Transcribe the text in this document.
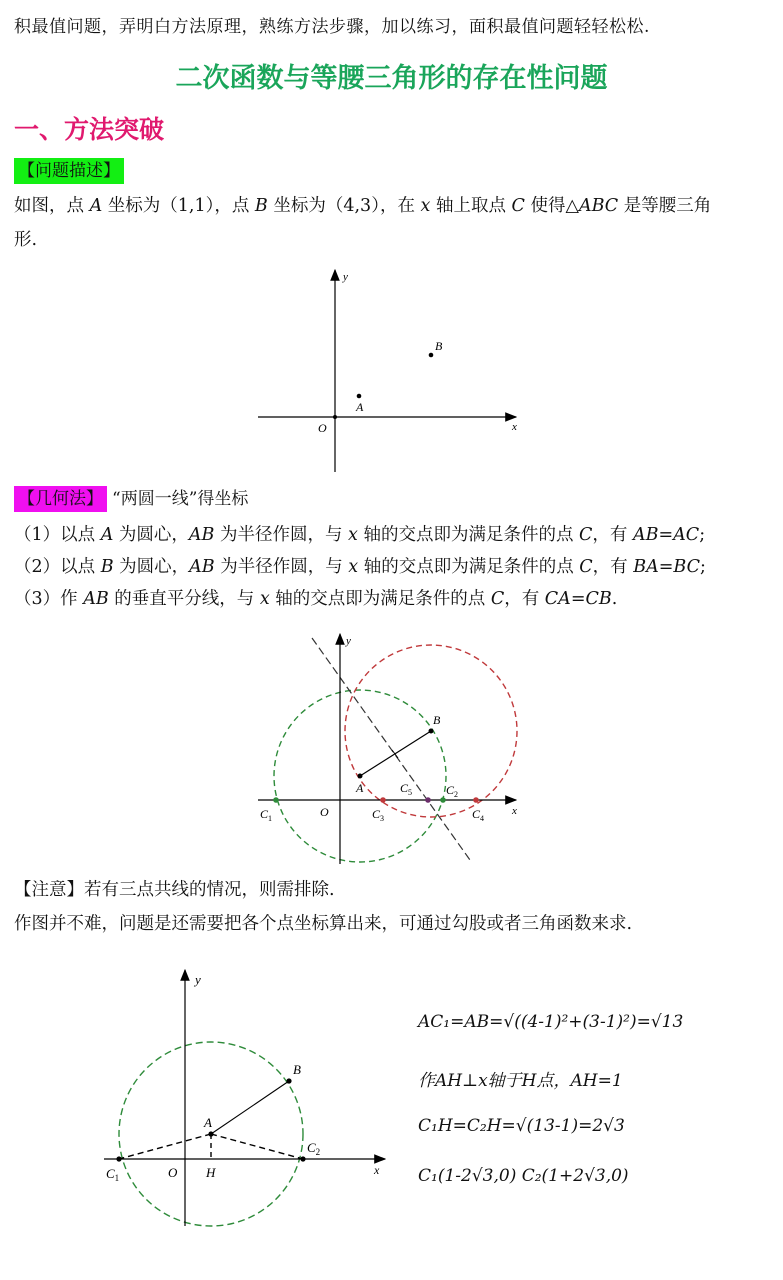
积最值问题，弄明白方法原理，熟练方法步骤，加以练习，面积最值问题轻轻松松.
二次函数与等腰三角形的存在性问题
一、方法突破
【问题描述】
如图，点 A 坐标为（1,1），点 B 坐标为（4,3），在 x 轴上取点 C 使得△ABC 是等腰三角
形.
y
x
O
A
B
【几何法】 “两圆一线”得坐标
（1）以点 A 为圆心，AB 为半径作圆，与 x 轴的交点即为满足条件的点 C，有 AB=AC;
（2）以点 B 为圆心，AB 为半径作圆，与 x 轴的交点即为满足条件的点 C，有 BA=BC;
（3）作 AB 的垂直平分线，与 x 轴的交点即为满足条件的点 C，有 CA=CB.
y
x
O
A
B
$C_1$	$C_3$
$C_5$	$C_2$
$C_4$
【注意】若有三点共线的情况，则需排除.
作图并不难，问题是还需要把各个点坐标算出来，可通过勾股或者三角函数来求.
y
x
O
A
B
H
$C_1$
$C_2$
AC₁=AB=√((4-1)²+(3-1)²)=√13
作AH⊥x轴于H点，AH=1
C₁H=C₂H=√(13-1)=2√3
C₁(1-2√3,0) C₂(1+2√3,0)
